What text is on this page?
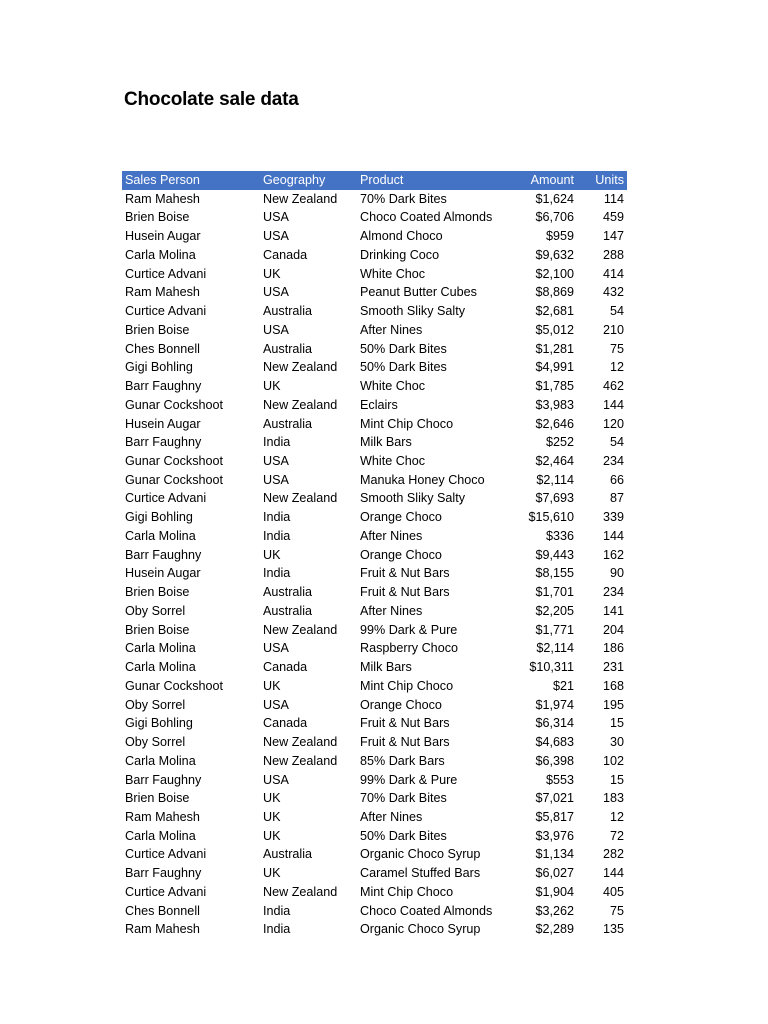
Chocolate sale data
Sales Person	Geography	Product	Amount	Units
Ram Mahesh	New Zealand	70% Dark Bites	$1,624	114
Brien Boise	USA	Choco Coated Almonds	$6,706	459
Husein Augar	USA	Almond Choco	$959	147
Carla Molina	Canada	Drinking Coco	$9,632	288
Curtice Advani	UK	White Choc	$2,100	414
Ram Mahesh	USA	Peanut Butter Cubes	$8,869	432
Curtice Advani	Australia	Smooth Sliky Salty	$2,681	54
Brien Boise	USA	After Nines	$5,012	210
Ches Bonnell	Australia	50% Dark Bites	$1,281	75
Gigi Bohling	New Zealand	50% Dark Bites	$4,991	12
Barr Faughny	UK	White Choc	$1,785	462
Gunar Cockshoot	New Zealand	Eclairs	$3,983	144
Husein Augar	Australia	Mint Chip Choco	$2,646	120
Barr Faughny	India	Milk Bars	$252	54
Gunar Cockshoot	USA	White Choc	$2,464	234
Gunar Cockshoot	USA	Manuka Honey Choco	$2,114	66
Curtice Advani	New Zealand	Smooth Sliky Salty	$7,693	87
Gigi Bohling	India	Orange Choco	$15,610	339
Carla Molina	India	After Nines	$336	144
Barr Faughny	UK	Orange Choco	$9,443	162
Husein Augar	India	Fruit & Nut Bars	$8,155	90
Brien Boise	Australia	Fruit & Nut Bars	$1,701	234
Oby Sorrel	Australia	After Nines	$2,205	141
Brien Boise	New Zealand	99% Dark & Pure	$1,771	204
Carla Molina	USA	Raspberry Choco	$2,114	186
Carla Molina	Canada	Milk Bars	$10,311	231
Gunar Cockshoot	UK	Mint Chip Choco	$21	168
Oby Sorrel	USA	Orange Choco	$1,974	195
Gigi Bohling	Canada	Fruit & Nut Bars	$6,314	15
Oby Sorrel	New Zealand	Fruit & Nut Bars	$4,683	30
Carla Molina	New Zealand	85% Dark Bars	$6,398	102
Barr Faughny	USA	99% Dark & Pure	$553	15
Brien Boise	UK	70% Dark Bites	$7,021	183
Ram Mahesh	UK	After Nines	$5,817	12
Carla Molina	UK	50% Dark Bites	$3,976	72
Curtice Advani	Australia	Organic Choco Syrup	$1,134	282
Barr Faughny	UK	Caramel Stuffed Bars	$6,027	144
Curtice Advani	New Zealand	Mint Chip Choco	$1,904	405
Ches Bonnell	India	Choco Coated Almonds	$3,262	75
Ram Mahesh	India	Organic Choco Syrup	$2,289	135
